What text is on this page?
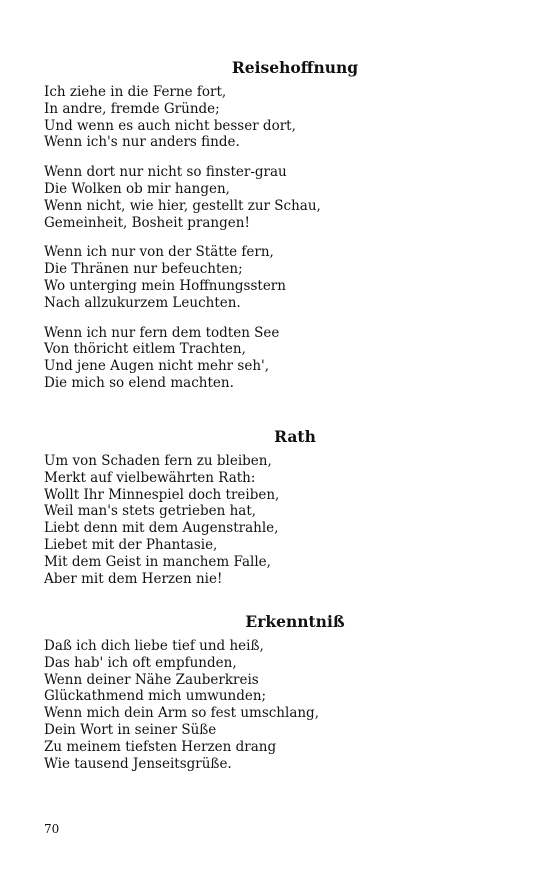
Reisehoffnung
Ich ziehe in die Ferne fort,
In andre, fremde Gründe;
Und wenn es auch nicht besser dort,
Wenn ich's nur anders finde.
Wenn dort nur nicht so finster-grau
Die Wolken ob mir hangen,
Wenn nicht, wie hier, gestellt zur Schau,
Gemeinheit, Bosheit prangen!
Wenn ich nur von der Stätte fern,
Die Thränen nur befeuchten;
Wo unterging mein Hoffnungsstern
Nach allzukurzem Leuchten.
Wenn ich nur fern dem todten See
Von thöricht eitlem Trachten,
Und jene Augen nicht mehr seh',
Die mich so elend machten.
Rath
Um von Schaden fern zu bleiben,
Merkt auf vielbewährten Rath:
Wollt Ihr Minnespiel doch treiben,
Weil man's stets getrieben hat,
Liebt denn mit dem Augenstrahle,
Liebet mit der Phantasie,
Mit dem Geist in manchem Falle,
Aber mit dem Herzen nie!
Erkenntniß
Daß ich dich liebe tief und heiß,
Das hab' ich oft empfunden,
Wenn deiner Nähe Zauberkreis
Glückathmend mich umwunden;
Wenn mich dein Arm so fest umschlang,
Dein Wort in seiner Süße
Zu meinem tiefsten Herzen drang
Wie tausend Jenseitsgrüße.
70
